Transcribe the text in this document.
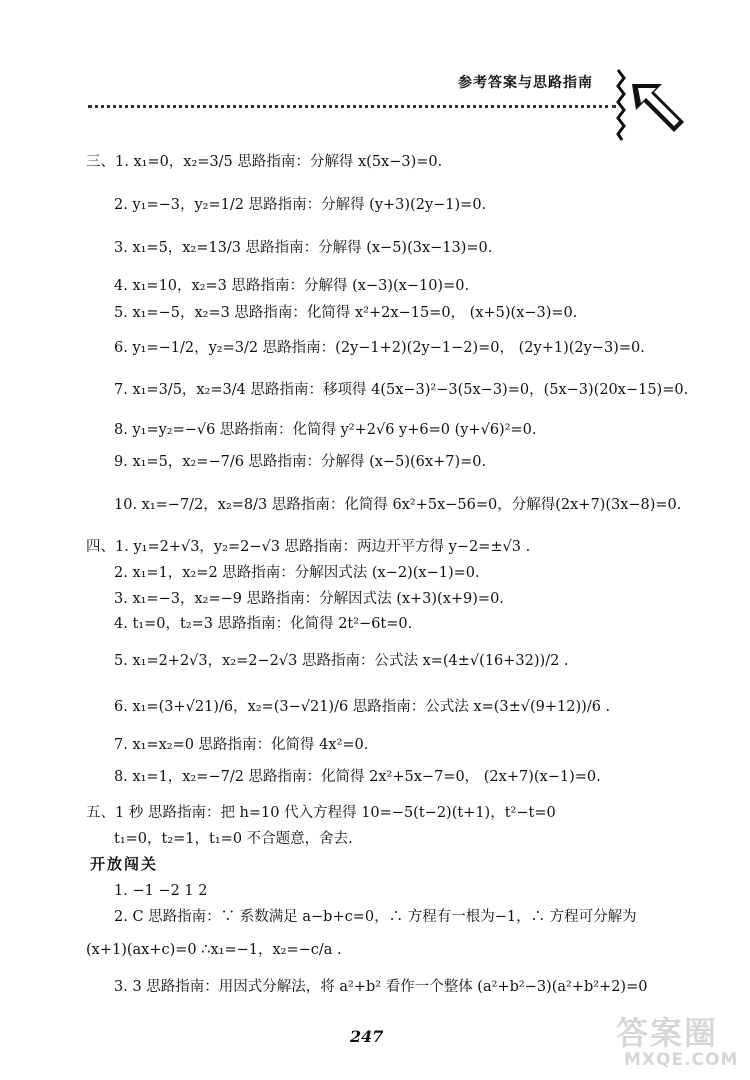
参考答案与思路指南
三、1. x₁=0，x₂=3/5 思路指南：分解得 x(5x−3)=0.
2. y₁=−3，y₂=1/2 思路指南：分解得 (y+3)(2y−1)=0.
3. x₁=5，x₂=13/3 思路指南：分解得 (x−5)(3x−13)=0.
4. x₁=10，x₂=3 思路指南：分解得 (x−3)(x−10)=0.
5. x₁=−5，x₂=3 思路指南：化简得 x²+2x−15=0， (x+5)(x−3)=0.
6. y₁=−1/2，y₂=3/2 思路指南：(2y−1+2)(2y−1−2)=0， (2y+1)(2y−3)=0.
7. x₁=3/5，x₂=3/4 思路指南：移项得 4(5x−3)²−3(5x−3)=0，(5x−3)(20x−15)=0.
8. y₁=y₂=−√6 思路指南：化简得 y²+2√6 y+6=0 (y+√6)²=0.
9. x₁=5，x₂=−7/6 思路指南：分解得 (x−5)(6x+7)=0.
10. x₁=−7/2，x₂=8/3 思路指南：化简得 6x²+5x−56=0，分解得(2x+7)(3x−8)=0.
四、1. y₁=2+√3，y₂=2−√3 思路指南：两边开平方得 y−2=±√3 .
2. x₁=1，x₂=2 思路指南：分解因式法 (x−2)(x−1)=0.
3. x₁=−3，x₂=−9 思路指南：分解因式法 (x+3)(x+9)=0.
4. t₁=0，t₂=3 思路指南：化简得 2t²−6t=0.
5. x₁=2+2√3，x₂=2−2√3 思路指南：公式法 x=(4±√(16+32))/2 .
6. x₁=(3+√21)/6，x₂=(3−√21)/6 思路指南：公式法 x=(3±√(9+12))/6 .
7. x₁=x₂=0 思路指南：化简得 4x²=0.
8. x₁=1，x₂=−7/2 思路指南：化简得 2x²+5x−7=0， (2x+7)(x−1)=0.
五、1 秒 思路指南：把 h=10 代入方程得 10=−5(t−2)(t+1)，t²−t=0
t₁=0，t₂=1，t₁=0 不合题意，舍去.
1. −1 −2 1 2
2. C 思路指南：∵ 系数满足 a−b+c=0，∴ 方程有一根为−1，∴ 方程可分解为
(x+1)(ax+c)=0 ∴x₁=−1，x₂=−c/a .
3. 3 思路指南：用因式分解法，将 a²+b² 看作一个整体 (a²+b²−3)(a²+b²+2)=0
开放闯关
247	答案圈
MXQE.COM
